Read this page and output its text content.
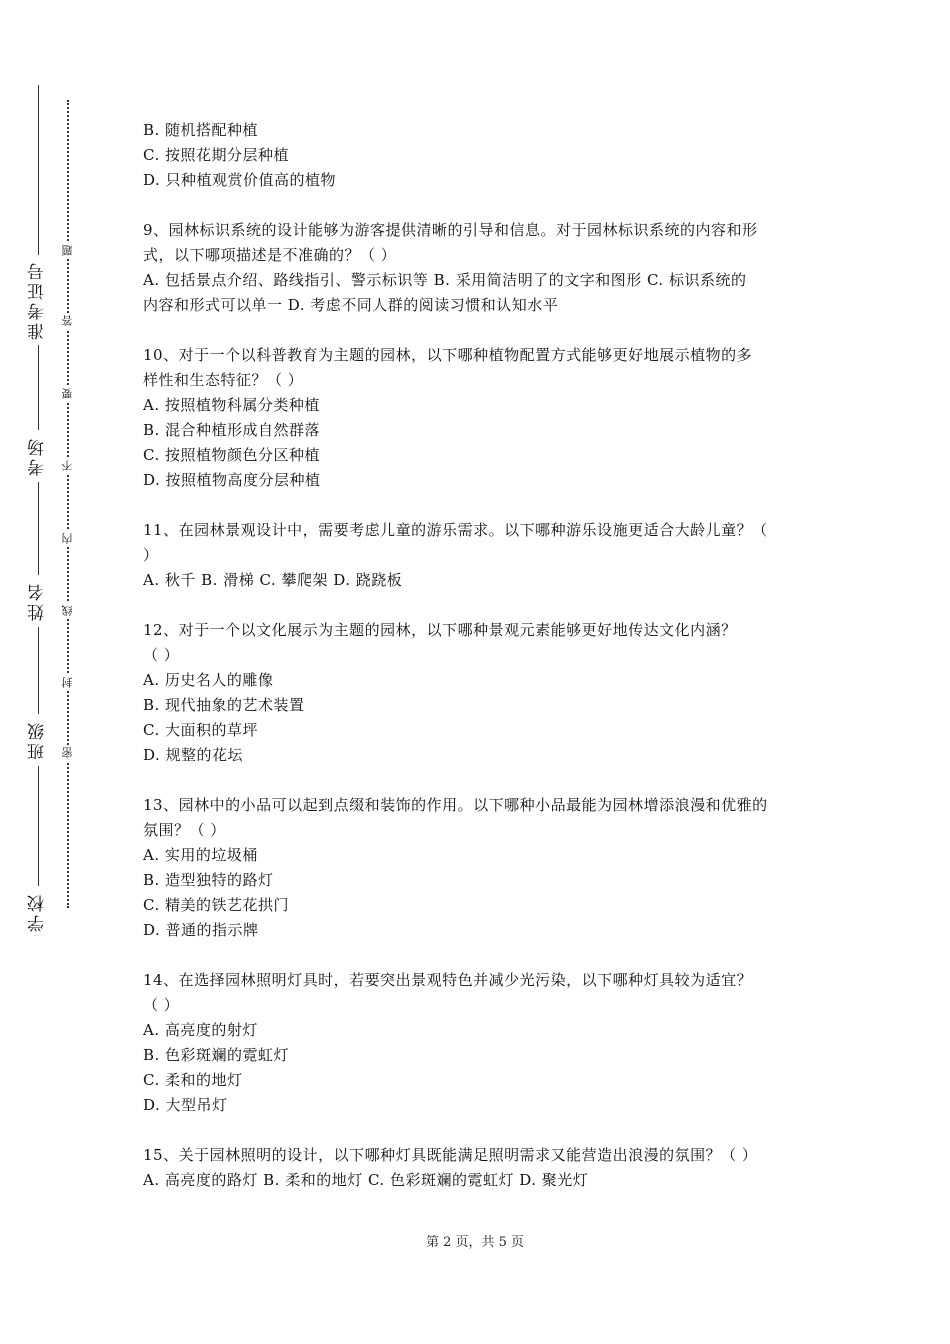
准考证号
考场
姓名
班级
学校
题
答
要
不
内
线
封
密
B. 随机搭配种植
C. 按照花期分层种植
D. 只种植观赏价值高的植物
9、园林标识系统的设计能够为游客提供清晰的引导和信息。对于园林标识系统的内容和形
式，以下哪项描述是不准确的？（ ）
A. 包括景点介绍、路线指引、警示标识等 B. 采用简洁明了的文字和图形 C. 标识系统的
内容和形式可以单一 D. 考虑不同人群的阅读习惯和认知水平
10、对于一个以科普教育为主题的园林，以下哪种植物配置方式能够更好地展示植物的多
样性和生态特征？（ ）
A. 按照植物科属分类种植
B. 混合种植形成自然群落
C. 按照植物颜色分区种植
D. 按照植物高度分层种植
11、在园林景观设计中，需要考虑儿童的游乐需求。以下哪种游乐设施更适合大龄儿童？（
）
A. 秋千 B. 滑梯 C. 攀爬架 D. 跷跷板
12、对于一个以文化展示为主题的园林，以下哪种景观元素能够更好地传达文化内涵？
（ ）
A. 历史名人的雕像
B. 现代抽象的艺术装置
C. 大面积的草坪
D. 规整的花坛
13、园林中的小品可以起到点缀和装饰的作用。以下哪种小品最能为园林增添浪漫和优雅的
氛围？（ ）
A. 实用的垃圾桶
B. 造型独特的路灯
C. 精美的铁艺花拱门
D. 普通的指示牌
14、在选择园林照明灯具时，若要突出景观特色并减少光污染，以下哪种灯具较为适宜？
（ ）
A. 高亮度的射灯
B. 色彩斑斓的霓虹灯
C. 柔和的地灯
D. 大型吊灯
15、关于园林照明的设计，以下哪种灯具既能满足照明需求又能营造出浪漫的氛围？（ ）
A. 高亮度的路灯 B. 柔和的地灯 C. 色彩斑斓的霓虹灯 D. 聚光灯
第 2 页，共 5 页
